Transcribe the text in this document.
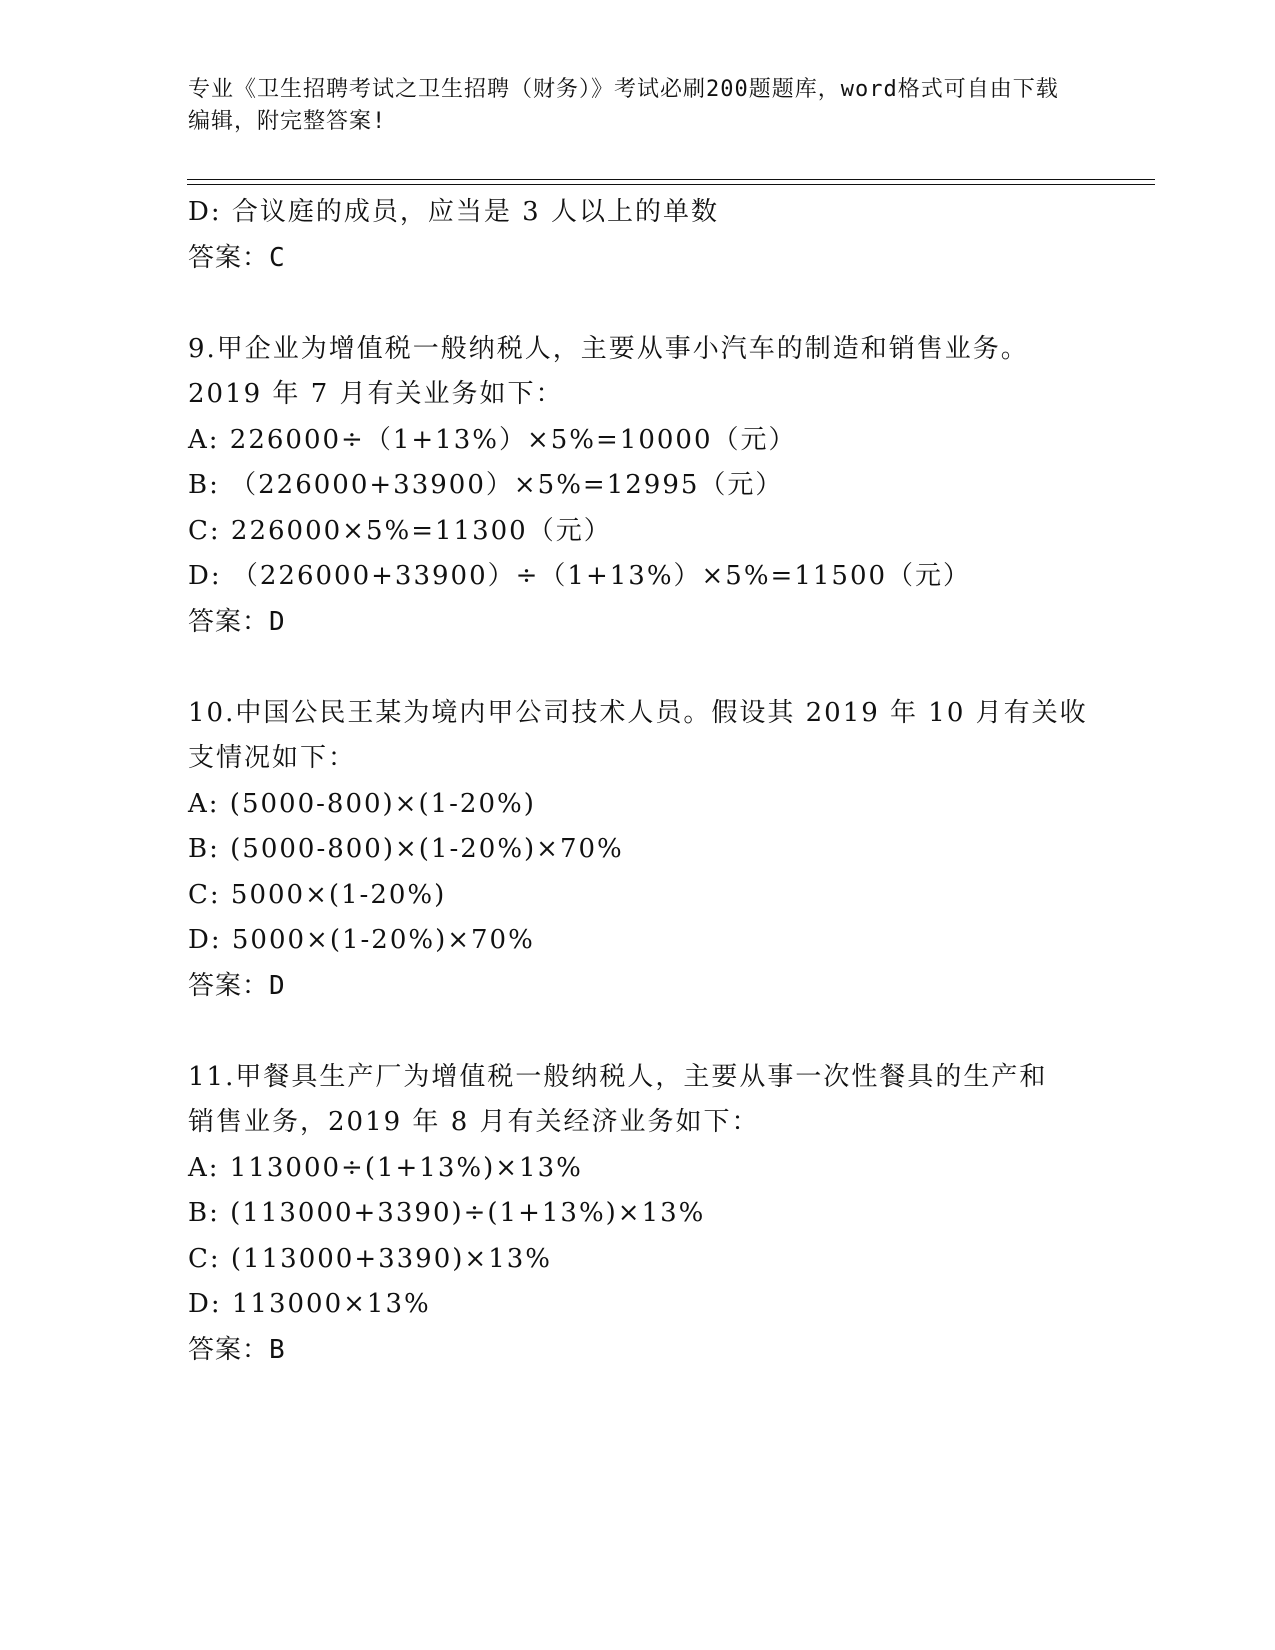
专业《卫生招聘考试之卫生招聘（财务）》考试必刷200题题库，word格式可自由下载编辑，附完整答案!
D: 合议庭的成员，应当是 3 人以上的单数
答案：C
9.甲企业为增值税一般纳税人，主要从事小汽车的制造和销售业务。
2019 年 7 月有关业务如下：
A: 226000÷（1+13%）×5%=10000（元）
B: （226000+33900）×5%=12995（元）
C: 226000×5%=11300（元）
D: （226000+33900）÷（1+13%）×5%=11500（元）
答案：D
10.中国公民王某为境内甲公司技术人员。假设其 2019 年 10 月有关收
支情况如下：
A: (5000-800)×(1-20%)
B: (5000-800)×(1-20%)×70%
C: 5000×(1-20%)
D: 5000×(1-20%)×70%
答案：D
11.甲餐具生产厂为增值税一般纳税人，主要从事一次性餐具的生产和
销售业务，2019 年 8 月有关经济业务如下：
A: 113000÷(1+13%)×13%
B: (113000+3390)÷(1+13%)×13%
C: (113000+3390)×13%
D: 113000×13%
答案：B
